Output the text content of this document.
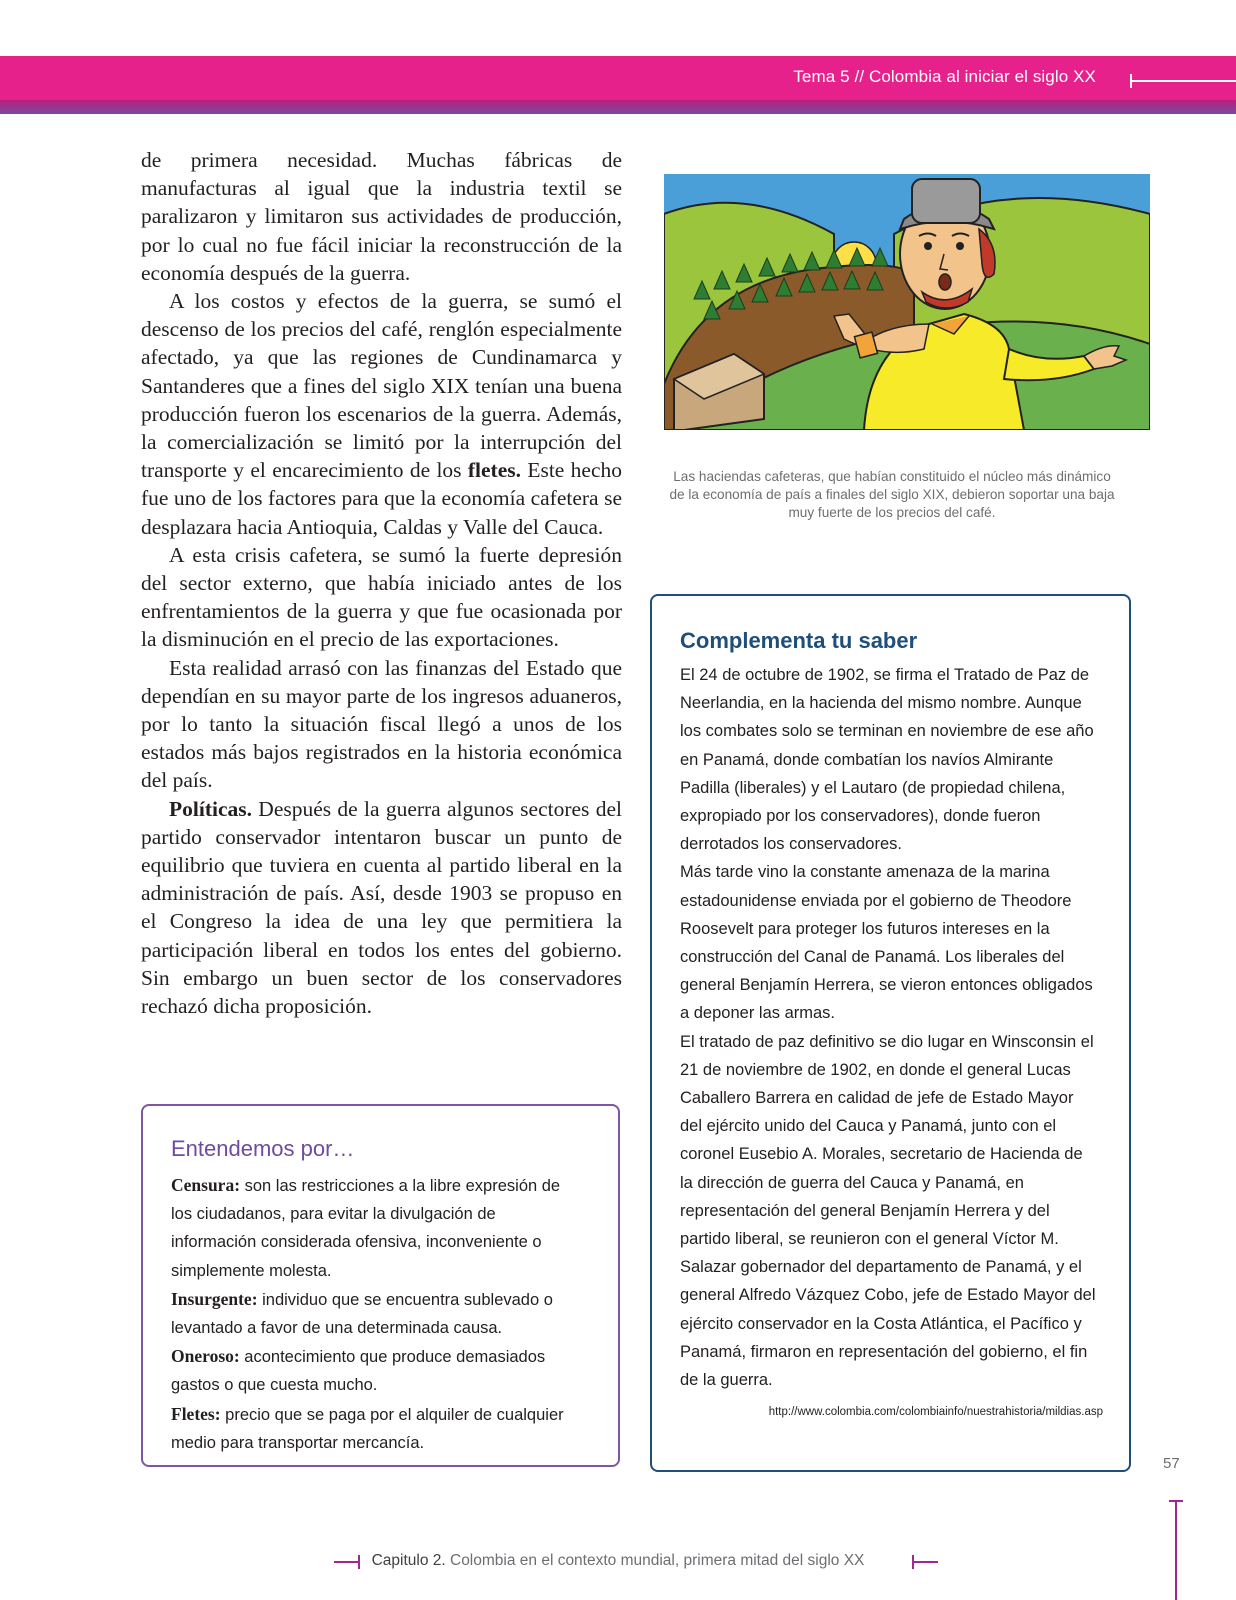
Tema 5 // Colombia al iniciar el siglo XX

de primera necesidad. Muchas fábricas de manufacturas al igual que la industria textil se paralizaron y limitaron sus actividades de producción, por lo cual no fue fácil iniciar la reconstrucción de la economía después de la guerra.

A los costos y efectos de la guerra, se sumó el descenso de los precios del café, renglón especialmente afectado, ya que las regiones de Cundinamarca y Santanderes que a fines del siglo XIX tenían una buena producción fueron los escenarios de la guerra. Además, la comercialización se limitó por la interrupción del transporte y el encarecimiento de los fletes. Este hecho fue uno de los factores para que la economía cafetera se desplazara hacia Antioquia, Caldas y Valle del Cauca.

A esta crisis cafetera, se sumó la fuerte depresión del sector externo, que había iniciado antes de los enfrentamientos de la guerra y que fue ocasionada por la disminución en el precio de las exportaciones.

Esta realidad arrasó con las finanzas del Estado que dependían en su mayor parte de los ingresos aduaneros, por lo tanto la situación fiscal llegó a unos de los estados más bajos registrados en la historia económica del país.

Políticas. Después de la guerra algunos sectores del partido conservador intentaron buscar un punto de equilibrio que tuviera en cuenta al partido liberal en la administración de país. Así, desde 1903 se propuso en el Congreso la idea de una ley que permitiera la participación liberal en todos los entes del gobierno. Sin embargo un buen sector de los conservadores rechazó dicha proposición.

Las haciendas cafeteras, que habían constituido el núcleo más dinámico de la economía de país a finales del siglo XIX, debieron soportar una baja muy fuerte de los precios del café.
Complementa tu saber

El 24 de octubre de 1902, se firma el Tratado de Paz de Neerlandia, en la hacienda del mismo nombre. Aunque los combates solo se terminan en noviembre de ese año en Panamá, donde combatían los navíos Almirante Padilla (liberales) y el Lautaro (de propiedad chilena, expropiado por los conservadores), donde fueron derrotados los conservadores.

Más tarde vino la constante amenaza de la marina estadounidense enviada por el gobierno de Theodore Roosevelt para proteger los futuros intereses en la construcción del Canal de Panamá. Los liberales del general Benjamín Herrera, se vieron entonces obligados a deponer las armas.

El tratado de paz definitivo se dio lugar en Winsconsin el 21 de noviembre de 1902, en donde el general Lucas Caballero Barrera en calidad de jefe de Estado Mayor del ejército unido del Cauca y Panamá, junto con el coronel Eusebio A. Morales, secretario de Hacienda de la dirección de guerra del Cauca y Panamá, en representación del general Benjamín Herrera y del partido liberal, se reunieron con el general Víctor M. Salazar gobernador del departamento de Panamá, y el general Alfredo Vázquez Cobo, jefe de Estado Mayor del ejército conservador en la Costa Atlántica, el Pacífico y Panamá, firmaron en representación del gobierno, el fin de la guerra.

http://www.colombia.com/colombiainfo/nuestrahistoria/mildias.asp
Entendemos por…
Censura: son las restricciones a la libre expresión de los ciudadanos, para evitar la divulgación de información considerada ofensiva, inconveniente o simplemente molesta.
Insurgente: individuo que se encuentra sublevado o levantado a favor de una determinada causa.
Oneroso: acontecimiento que produce demasiados gastos o que cuesta mucho.
Fletes: precio que se paga por el alquiler de cualquier medio para transportar mercancía.
57
Capitulo 2. Colombia en el contexto mundial, primera mitad del siglo XX
